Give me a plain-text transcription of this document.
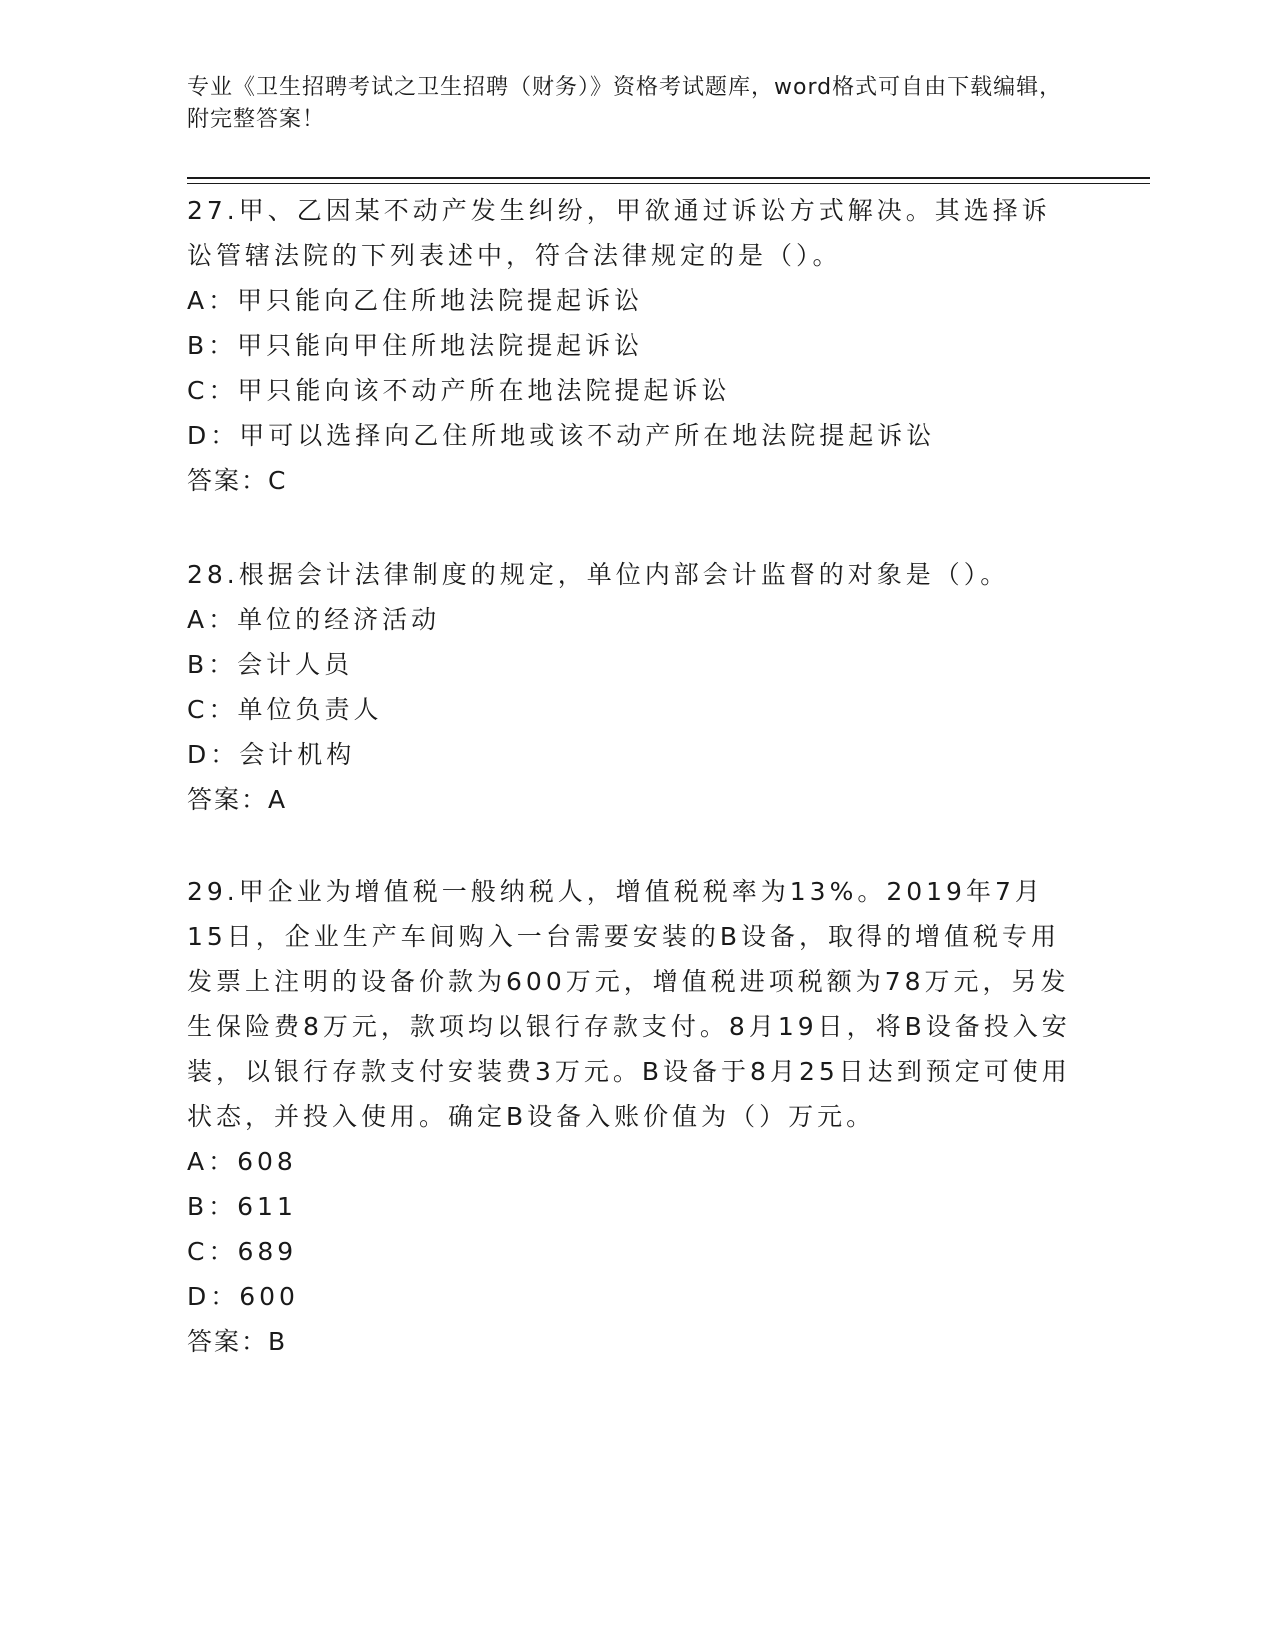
专业《卫生招聘考试之卫生招聘（财务）》资格考试题库，word格式可自由下载编辑，附完整答案！

27.甲、乙因某不动产发生纠纷，甲欲通过诉讼方式解决。其选择诉讼管辖法院的下列表述中，符合法律规定的是（）。

A：甲只能向乙住所地法院提起诉讼

B：甲只能向甲住所地法院提起诉讼

C：甲只能向该不动产所在地法院提起诉讼

D：甲可以选择向乙住所地或该不动产所在地法院提起诉讼

答案：C

28.根据会计法律制度的规定，单位内部会计监督的对象是（）。

A：单位的经济活动

B：会计人员

C：单位负责人

D：会计机构

答案：A

29.甲企业为增值税一般纳税人，增值税税率为13%。2019年7月15日，企业生产车间购入一台需要安装的B设备，取得的增值税专用发票上注明的设备价款为600万元，增值税进项税额为78万元，另发生保险费8万元，款项均以银行存款支付。8月19日，将B设备投入安装，以银行存款支付安装费3万元。B设备于8月25日达到预定可使用状态，并投入使用。确定B设备入账价值为（）万元。

A：608

B：611

C：689

D：600

答案：B
